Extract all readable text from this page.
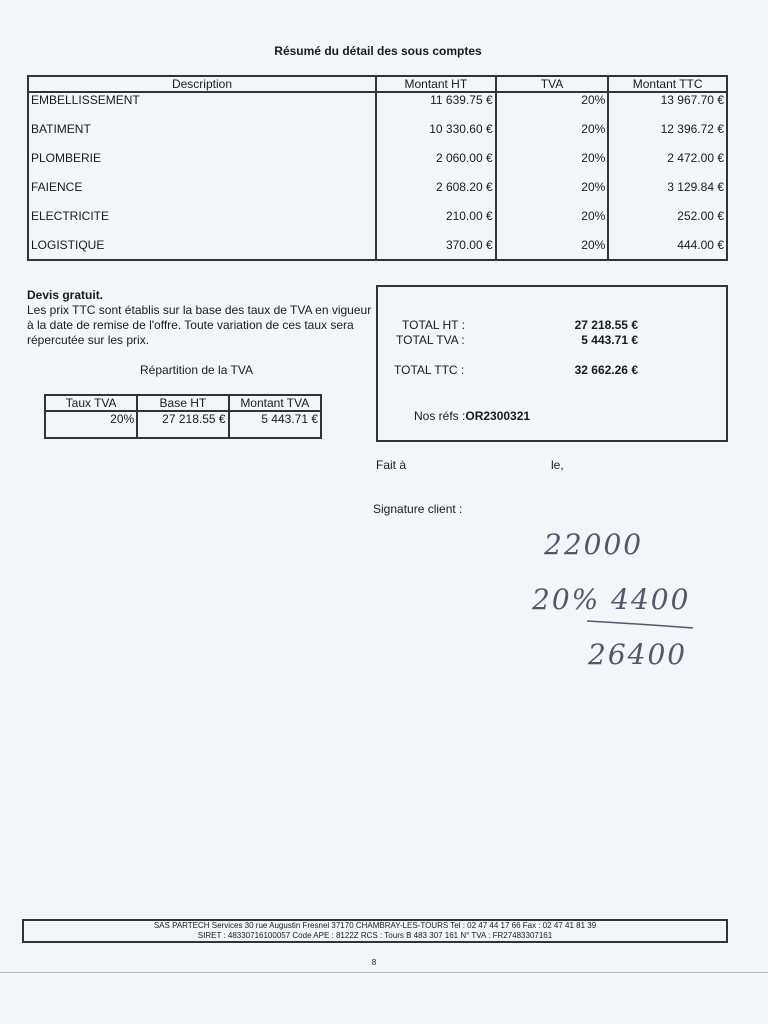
Résumé du détail des sous comptes
Description	Montant HT	TVA	Montant TTC
EMBELLISSEMENT	11 639.75 €	20%	13 967.70 €
BATIMENT	10 330.60 €	20%	12 396.72 €
PLOMBERIE	2 060.00 €	20%	2 472.00 €
FAIENCE	2 608.20 €	20%	3 129.84 €
ELECTRICITE	210.00 €	20%	252.00 €
LOGISTIQUE	370.00 €	20%	444.00 €
Devis gratuit.
Les prix TTC sont établis sur la base des taux de TVA en vigueur à la date de remise de l'offre. Toute variation de ces taux sera répercutée sur les prix.
Répartition de la TVA
Taux TVA	Base HT	Montant TVA
20%	27 218.55 €	5 443.71 €
TOTAL HT :	27 218.55 €
TOTAL TVA :	5 443.71 €
TOTAL TTC :	32 662.26 €
Nos réfs :OR2300321
Fait à	le,
Signature client :
22000
20% 4400
26400
SAS PARTECH Services 30 rue Augustin Fresnel 37170 CHAMBRAY-LES-TOURS Tel : 02 47 44 17 66 Fax : 02 47 41 81 39
SIRET : 48330716100057 Code APE : 8122Z RCS : Tours B 483 307 161 N° TVA : FR27483307161
8
